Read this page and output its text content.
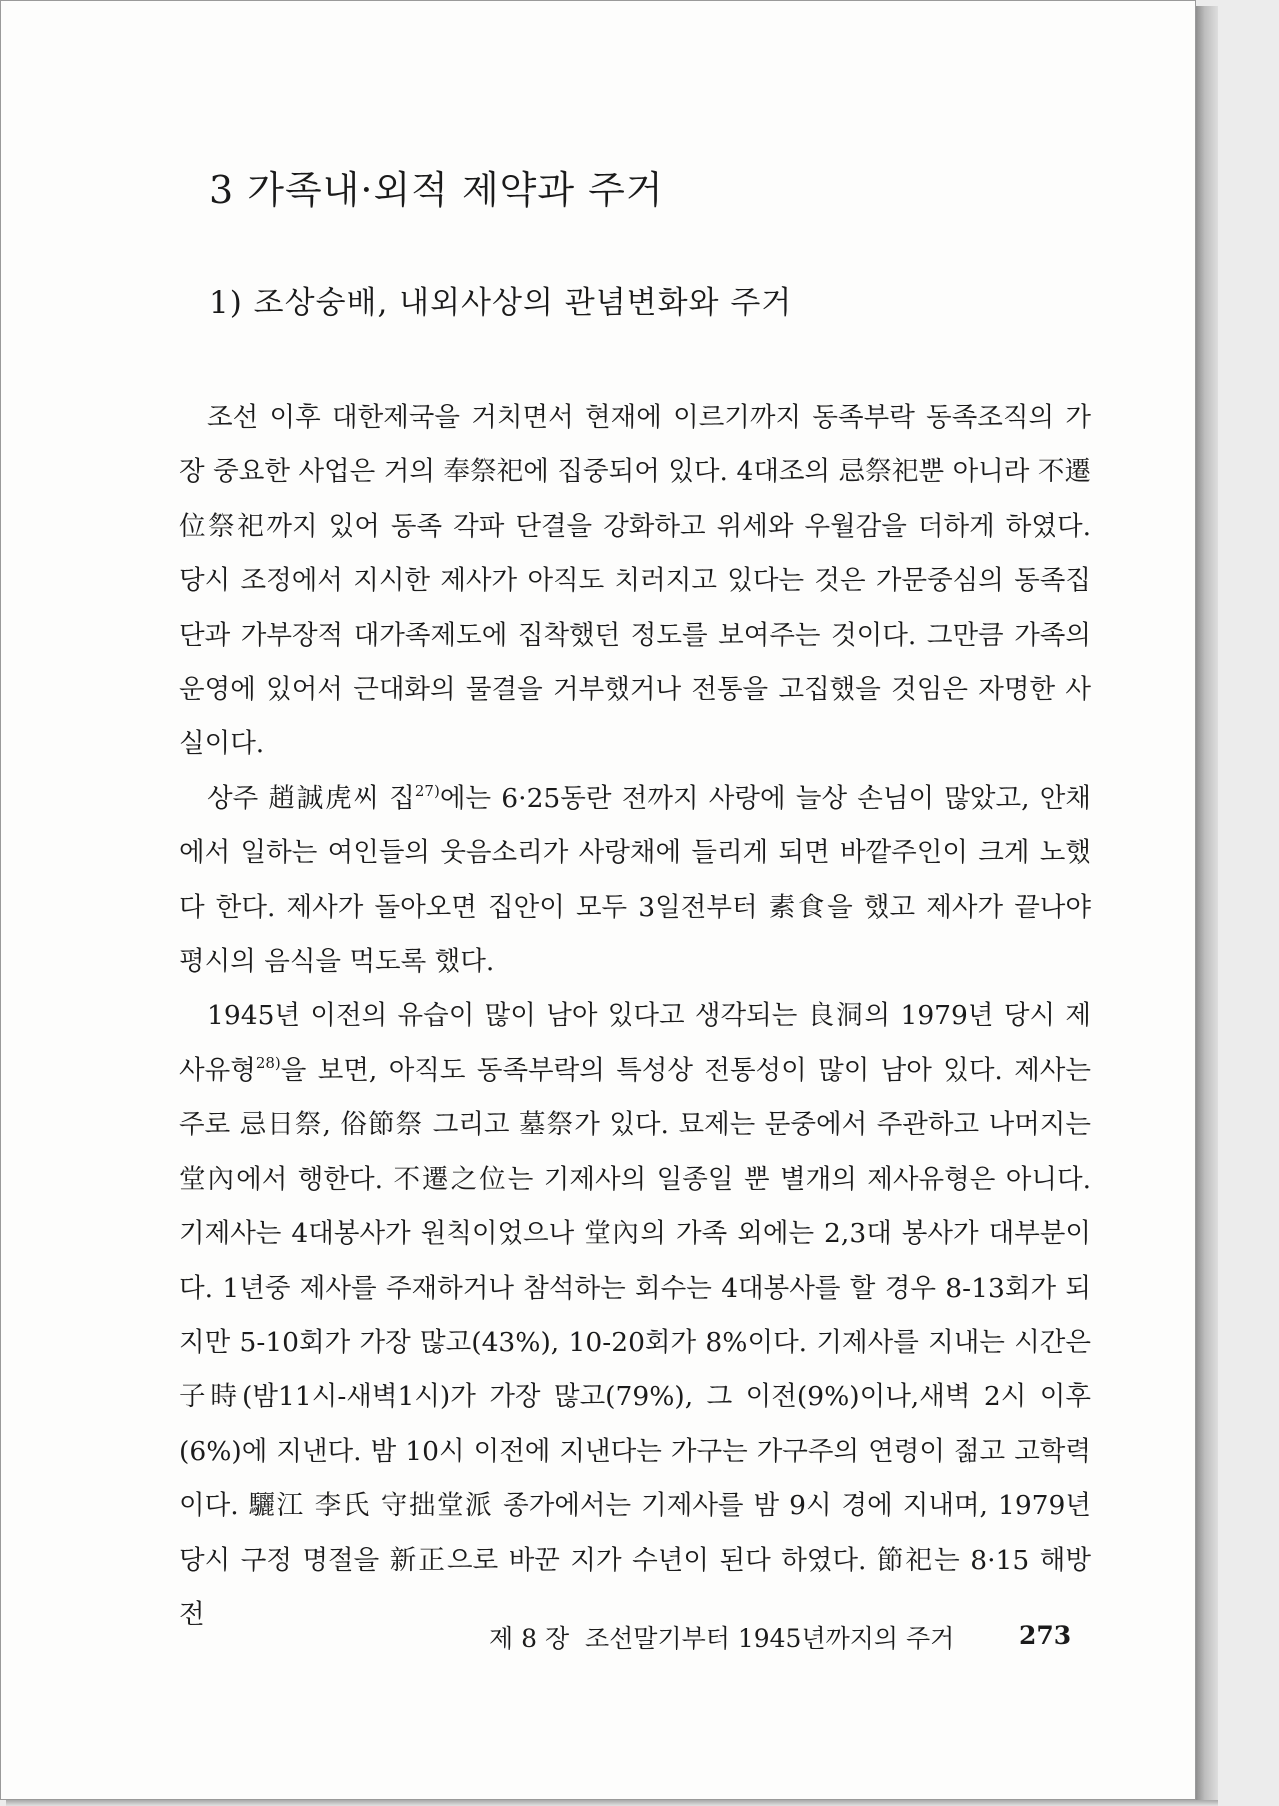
3 가족내·외적 제약과 주거
1) 조상숭배, 내외사상의 관념변화와 주거

조선 이후 대한제국을 거치면서 현재에 이르기까지 동족부락 동족조직의 가장 중요한 사업은 거의 奉祭祀에 집중되어 있다. 4대조의 忌祭祀뿐 아니라 不遷位祭祀까지 있어 동족 각파 단결을 강화하고 위세와 우월감을 더하게 하였다. 당시 조정에서 지시한 제사가 아직도 치러지고 있다는 것은 가문중심의 동족집단과 가부장적 대가족제도에 집착했던 정도를 보여주는 것이다. 그만큼 가족의 운영에 있어서 근대화의 물결을 거부했거나 전통을 고집했을 것임은 자명한 사실이다.

상주 趙誠虎씨 집$^{27)}$에는 6·25동란 전까지 사랑에 늘상 손님이 많았고, 안채에서 일하는 여인들의 웃음소리가 사랑채에 들리게 되면 바깥주인이 크게 노했다 한다. 제사가 돌아오면 집안이 모두 3일전부터 素食을 했고 제사가 끝나야 평시의 음식을 먹도록 했다.

1945년 이전의 유습이 많이 남아 있다고 생각되는 良洞의 1979년 당시 제사유형$^{28)}$을 보면, 아직도 동족부락의 특성상 전통성이 많이 남아 있다. 제사는 주로 忌日祭, 俗節祭 그리고 墓祭가 있다. 묘제는 문중에서 주관하고 나머지는 堂內에서 행한다. 不遷之位는 기제사의 일종일 뿐 별개의 제사유형은 아니다. 기제사는 4대봉사가 원칙이었으나 堂內의 가족 외에는 2,3대 봉사가 대부분이다. 1년중 제사를 주재하거나 참석하는 회수는 4대봉사를 할 경우 8-13회가 되지만 5-10회가 가장 많고(43%), 10-20회가 8%이다. 기제사를 지내는 시간은 子時(밤11시-새벽1시)가 가장 많고(79%), 그 이전(9%)이나,새벽 2시 이후(6%)에 지낸다. 밤 10시 이전에 지낸다는 가구는 가구주의 연령이 젊고 고학력이다. 驪江 李氏 守拙堂派 종가에서는 기제사를 밤 9시 경에 지내며, 1979년 당시 구정 명절을 新正으로 바꾼 지가 수년이 된다 하였다. 節祀는 8·15 해방 전

제 8 장  조선말기부터 1945년까지의 주거	273
